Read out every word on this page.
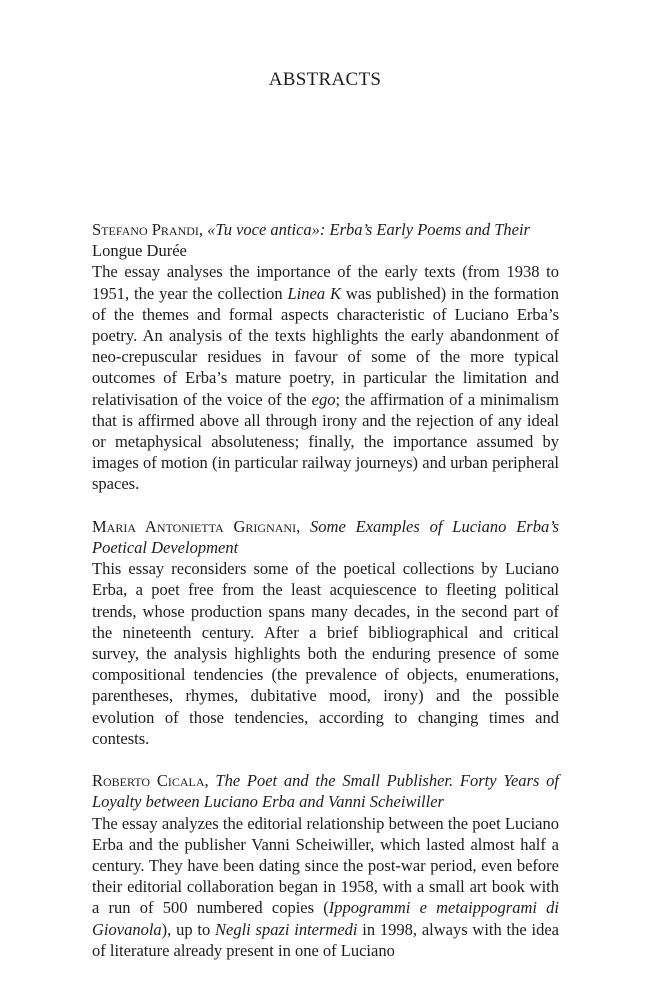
ABSTRACTS
Stefano Prandi, «Tu voce antica»: Erba’s Early Poems and Their
Longue Durée
The essay analyses the importance of the early texts (from 1938 to 1951, the year the collection Linea K was published) in the formation of the themes and formal aspects characteristic of Luciano Erba’s poetry. An analysis of the texts highlights the early abandonment of neo-crepuscular residues in favour of some of the more typical outcomes of Erba’s mature poetry, in particular the limitation and relativisation of the voice of the ego; the affirmation of a minimalism that is affirmed above all through irony and the rejection of any ideal or metaphysical absoluteness; finally, the importance assumed by images of motion (in particular railway journeys) and urban peripheral spaces.
Maria Antonietta Grignani, Some Examples of Luciano Erba’s Poetical Development
This essay reconsiders some of the poetical collections by Luciano Erba, a poet free from the least acquiescence to fleeting political trends, whose production spans many decades, in the second part of the nineteenth century. After a brief bibliographical and critical survey, the analysis highlights both the enduring presence of some compositional tendencies (the prevalence of objects, enumerations, parentheses, rhymes, dubitative mood, irony) and the possible evolution of those tendencies, according to changing times and contests.
Roberto Cicala, The Poet and the Small Publisher. Forty Years of Loyalty between Luciano Erba and Vanni Scheiwiller
The essay analyzes the editorial relationship between the poet Luciano Erba and the publisher Vanni Scheiwiller, which lasted almost half a century. They have been dating since the post-war period, even before their editorial collaboration began in 1958, with a small art book with a run of 500 numbered copies (Ippogrammi e metaippogrami di Giovanola), up to Negli spazi intermedi in 1998, always with the idea of literature already present in one of Luciano
